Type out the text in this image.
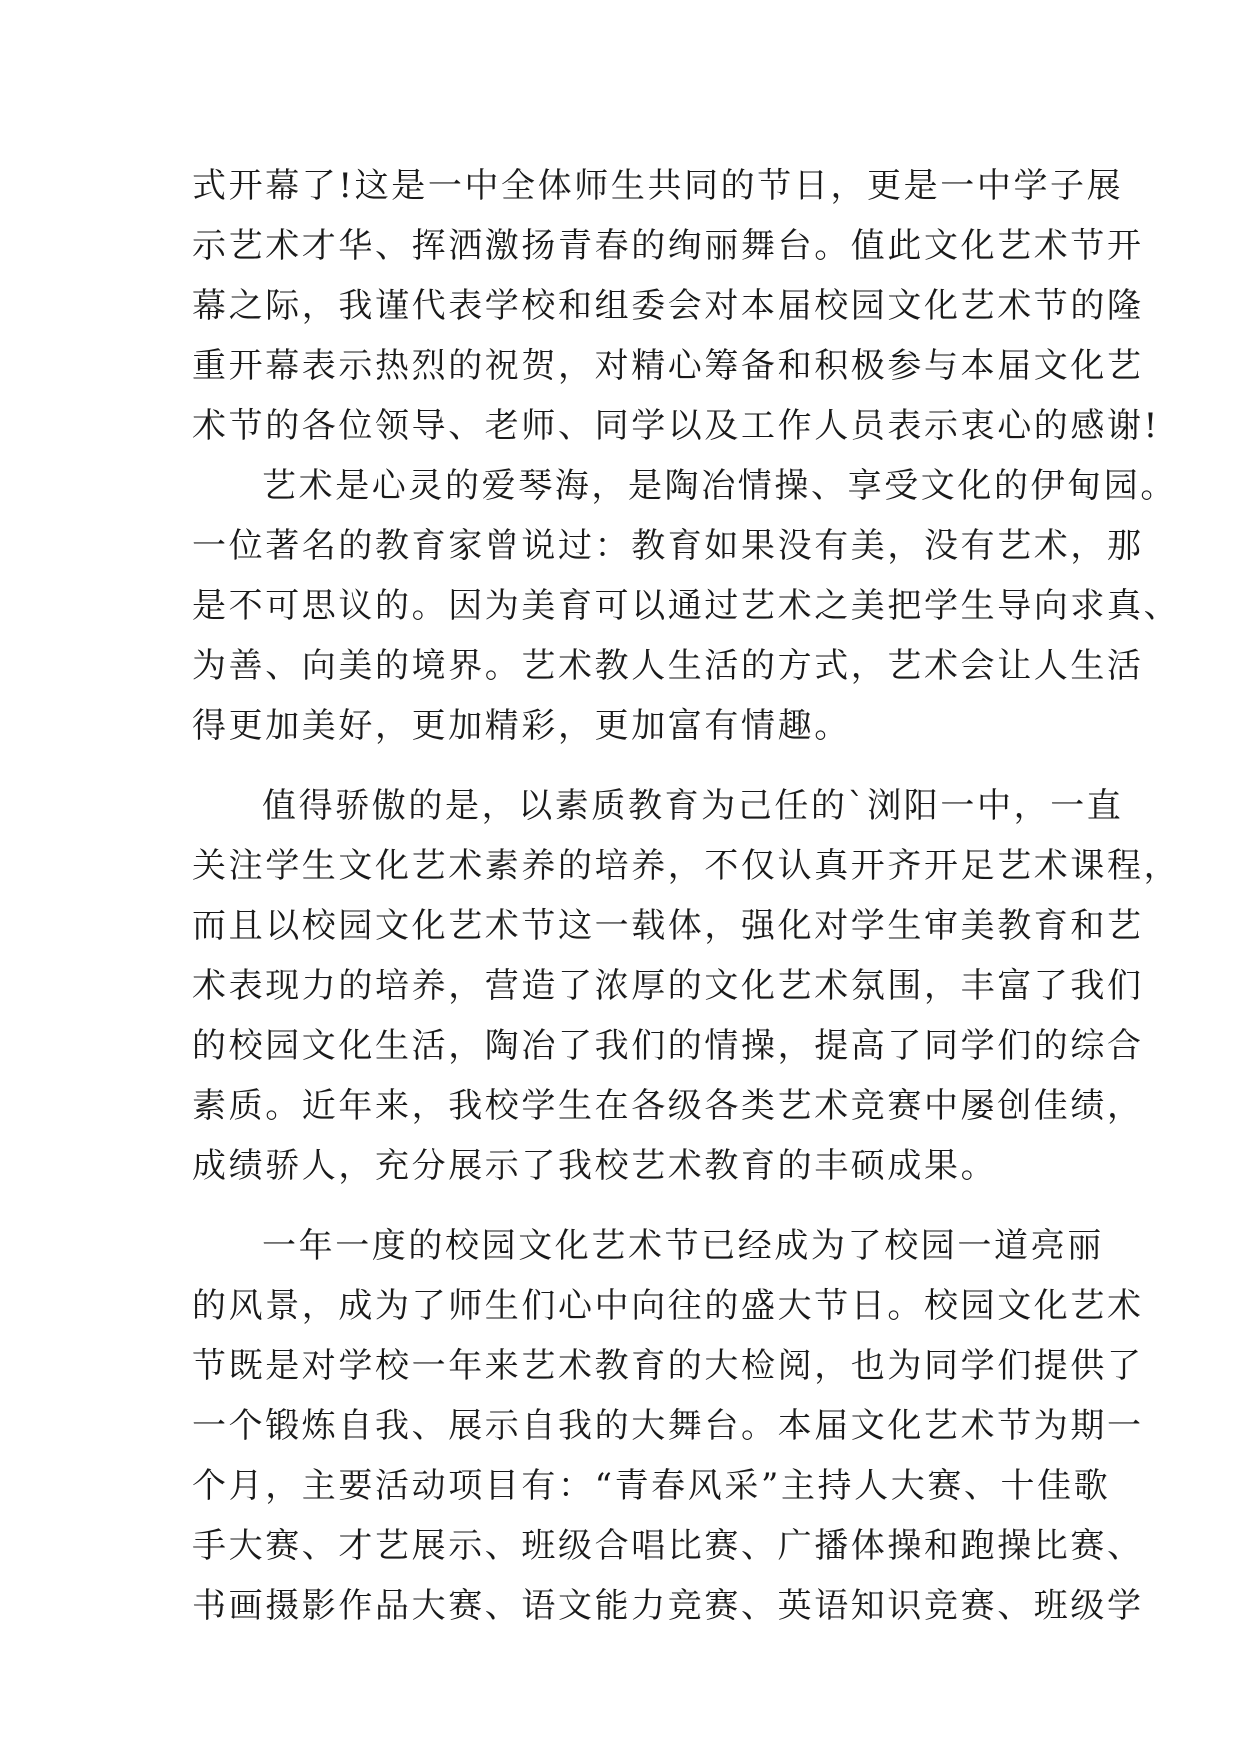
式开幕了!这是一中全体师生共同的节日，更是一中学子展
示艺术才华、挥洒激扬青春的绚丽舞台。值此文化艺术节开
幕之际，我谨代表学校和组委会对本届校园文化艺术节的隆
重开幕表示热烈的祝贺，对精心筹备和积极参与本届文化艺
术节的各位领导、老师、同学以及工作人员表示衷心的感谢!
艺术是心灵的爱琴海，是陶冶情操、享受文化的伊甸园。
一位著名的教育家曾说过：教育如果没有美，没有艺术，那
是不可思议的。因为美育可以通过艺术之美把学生导向求真、
为善、向美的境界。艺术教人生活的方式，艺术会让人生活
得更加美好，更加精彩，更加富有情趣。
值得骄傲的是，以素质教育为己任的`浏阳一中，一直
关注学生文化艺术素养的培养，不仅认真开齐开足艺术课程，
而且以校园文化艺术节这一载体，强化对学生审美教育和艺
术表现力的培养，营造了浓厚的文化艺术氛围，丰富了我们
的校园文化生活，陶冶了我们的情操，提高了同学们的综合
素质。近年来，我校学生在各级各类艺术竞赛中屡创佳绩，
成绩骄人，充分展示了我校艺术教育的丰硕成果。
一年一度的校园文化艺术节已经成为了校园一道亮丽
的风景，成为了师生们心中向往的盛大节日。校园文化艺术
节既是对学校一年来艺术教育的大检阅，也为同学们提供了
一个锻炼自我、展示自我的大舞台。本届文化艺术节为期一
个月，主要活动项目有：“青春风采”主持人大赛、十佳歌
手大赛、才艺展示、班级合唱比赛、广播体操和跑操比赛、
书画摄影作品大赛、语文能力竞赛、英语知识竞赛、班级学
